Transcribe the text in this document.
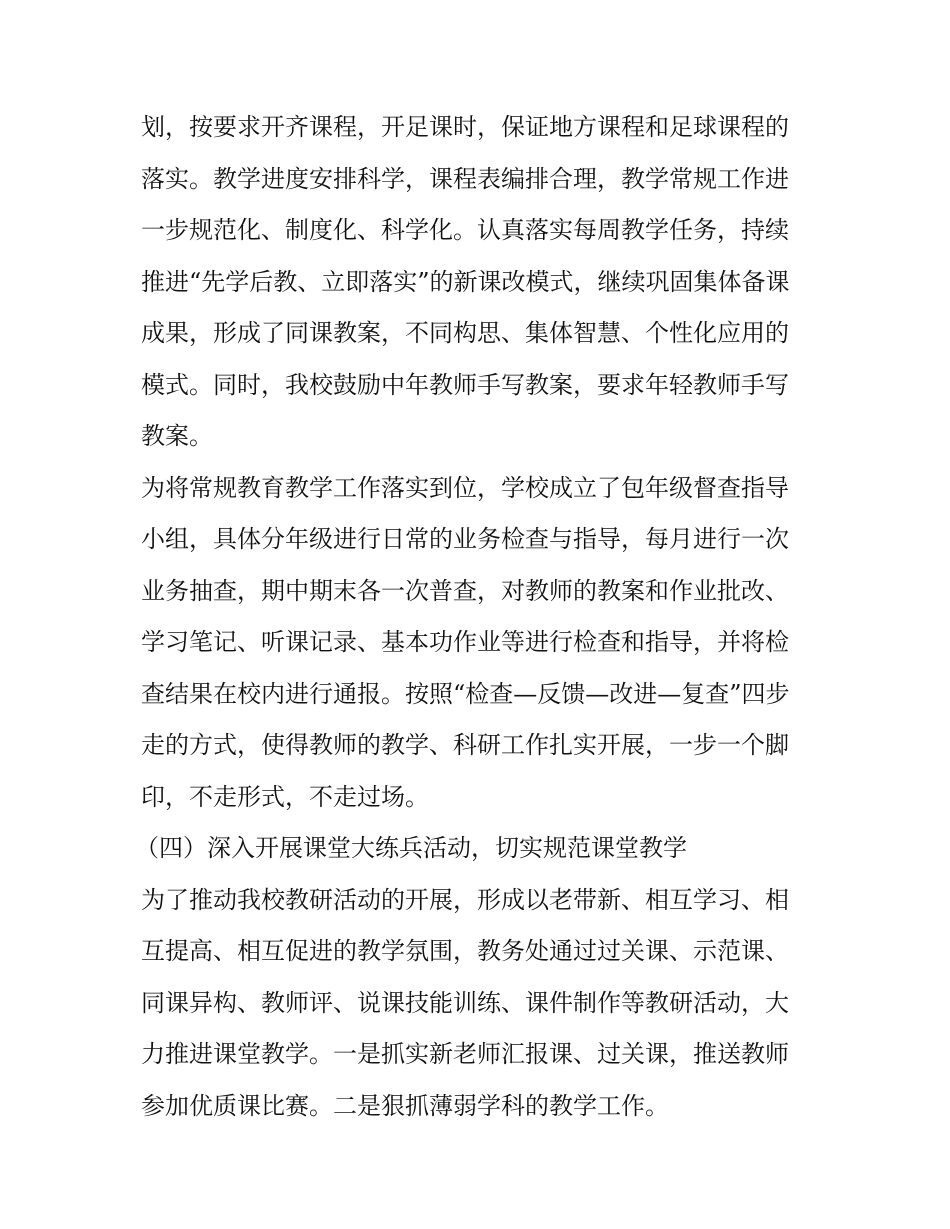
划，按要求开齐课程，开足课时，保证地方课程和足球课程的
落实。教学进度安排科学，课程表编排合理，教学常规工作进
一步规范化、制度化、科学化。认真落实每周教学任务，持续
推进“先学后教、立即落实”的新课改模式，继续巩固集体备课
成果，形成了同课教案，不同构思、集体智慧、个性化应用的
模式。同时，我校鼓励中年教师手写教案，要求年轻教师手写
教案。
为将常规教育教学工作落实到位，学校成立了包年级督查指导
小组，具体分年级进行日常的业务检查与指导，每月进行一次
业务抽查，期中期末各一次普查，对教师的教案和作业批改、
学习笔记、听课记录、基本功作业等进行检查和指导，并将检
查结果在校内进行通报。按照“检查—反馈—改进—复查”四步
走的方式，使得教师的教学、科研工作扎实开展，一步一个脚
印，不走形式，不走过场。
（四）深入开展课堂大练兵活动，切实规范课堂教学
为了推动我校教研活动的开展，形成以老带新、相互学习、相
互提高、相互促进的教学氛围，教务处通过过关课、示范课、
同课异构、教师评、说课技能训练、课件制作等教研活动，大
力推进课堂教学。一是抓实新老师汇报课、过关课，推送教师
参加优质课比赛。二是狠抓薄弱学科的教学工作。
